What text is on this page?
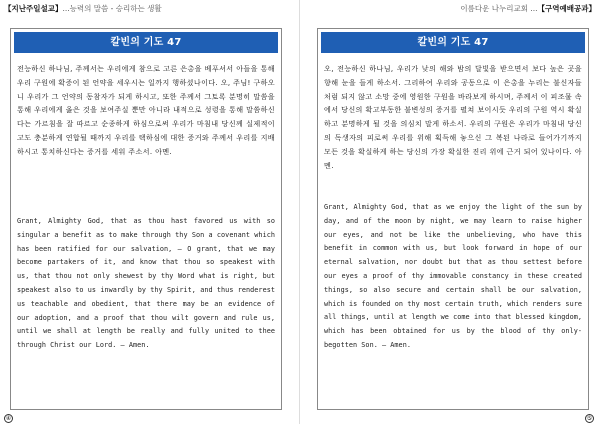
【지난주일설교】...능력의 말씀 - 승리하는 생활
칼빈의 기도 47

전능하신 하나님, 주께서는 우리에게 참으로 고른 은총을 베푸셔서 아들을 통해 우리 구원에 확증이 된 언약을 세우시는 일까지 행하셨나이다. 오, 주님! 구하오니 우리가 그 언약의 동참자가 되게 하시고, 또한 주께서 그토록 분명히 말씀을 통해 우리에게 옳은 것을 보여주실 뿐만 아니라 내적으로 성령을 통해 말씀하신다는 가르침을 잘 따르고 순종하게 하심으로써 우리가 마침내 당신께 실제적이고도 충분하게 연합될 때까지 우리를 택하심에 대한 증거와 주께서 우리를 지배하시고 통치하신다는 증거를 세워 주소서. 아멘.

Grant, Almighty God, that as thou hast favored us with so singular a benefit as to make through thy Son a covenant which has been ratified for our salvation, — O grant, that we may become partakers of it, and know that thou so speakest with us, that thou not only shewest by thy Word what is right, but speakest also to us inwardly by thy Spirit, and thus renderest us teachable and obedient, that there may be an evidence of our adoption, and a proof that thou wilt govern and rule us, until we shall at length be really and fully united to thee through Christ our Lord. — Amen.

④
이름다운 나누리교회 ...【구역예배공과】
칼빈의 기도 47

오, 전능하신 하나님, 우리가 낮의 해와 밤의 달빛을 받으면서 보다 높은 곳을 향해 눈을 들게 하소서. 그리하여 우리와 공동으로 이 은총을 누리는 불신자들처럼 되지 않고 소망 중에 영원한 구원을 바라보게 하시며, 주께서 이 피조물 속에서 당신의 확고부동한 불변성의 증거를 펼쳐 보이시듯 우리의 구원 역시 확실하고 분명하게 될 것을 의심치 말게 하소서. 우리의 구원은 우리가 마침내 당신의 독생자의 피로써 우리를 위해 획득해 놓으신 그 복된 나라로 들어가기까지 모든 것을 확실하게 하는 당신의 가장 확실한 진리 위에 근거 되어 있나이다. 아멘.

Grant, Almighty God, that as we enjoy the light of the sun by day, and of the moon by night, we may learn to raise higher our eyes, and not be like the unbelieving, who have this benefit in common with us, but look forward in hope of our eternal salvation, nor doubt but that as thou settest before our eyes a proof of thy immovable constancy in these created things, so also secure and certain shall be our salvation, which is founded on thy most certain truth, which renders sure all things, until at length we come into that blessed kingdom, which has been obtained for us by the blood of thy only-begotten Son. — Amen.

⑤
